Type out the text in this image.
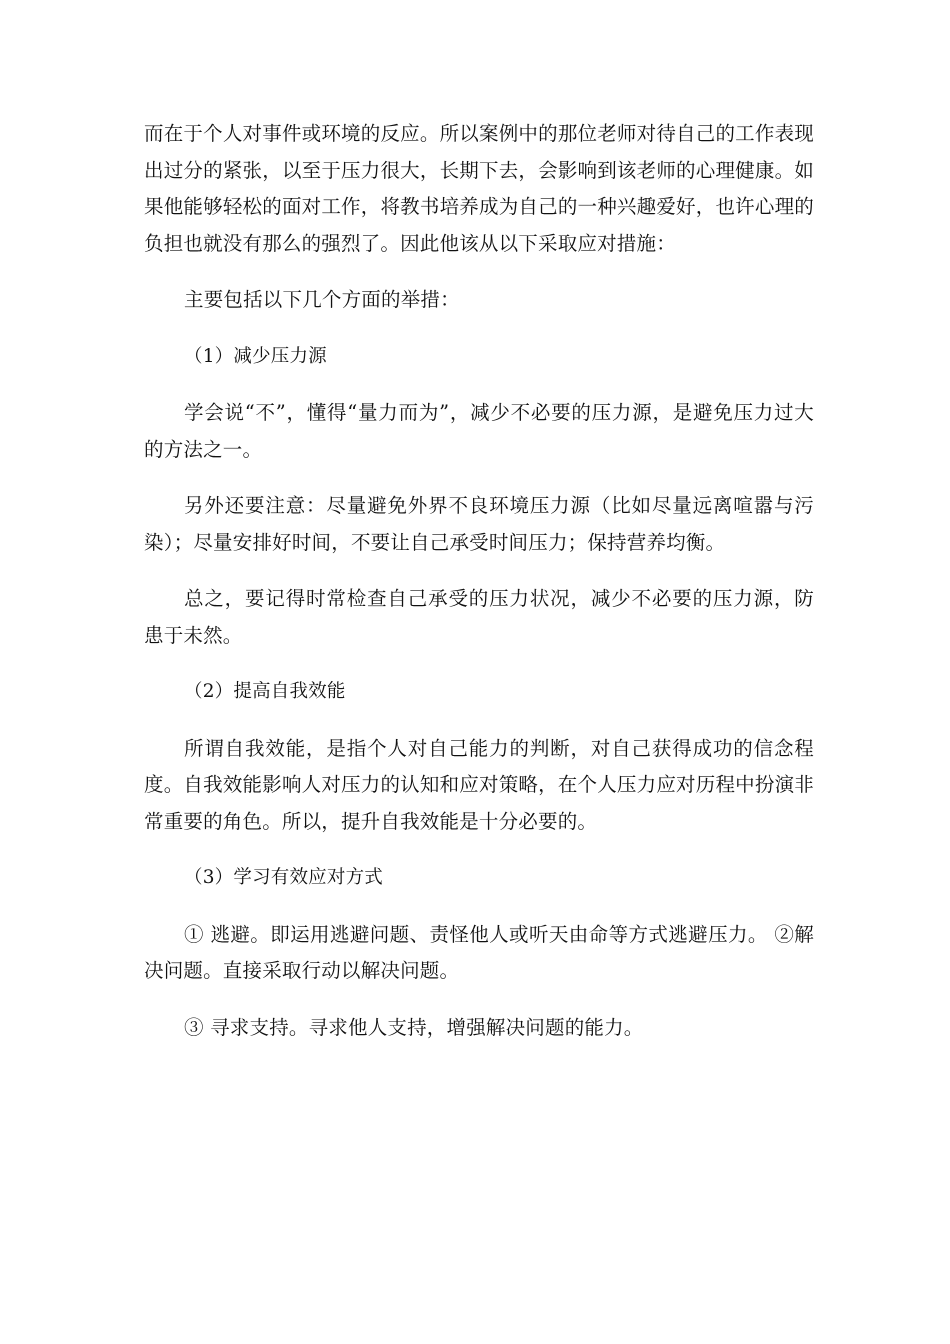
而在于个人对事件或环境的反应。所以案例中的那位老师对待自己的工作表现出过分的紧张，以至于压力很大，长期下去，会影响到该老师的心理健康。如果他能够轻松的面对工作，将教书培养成为自己的一种兴趣爱好，也许心理的负担也就没有那么的强烈了。因此他该从以下采取应对措施：

主要包括以下几个方面的举措：

（1）减少压力源

学会说“不”，懂得“量力而为”，减少不必要的压力源，是避免压力过大的方法之一。

另外还要注意：尽量避免外界不良环境压力源（比如尽量远离喧嚣与污染）；尽量安排好时间，不要让自己承受时间压力；保持营养均衡。

总之，要记得时常检查自己承受的压力状况，减少不必要的压力源，防患于未然。

（2）提高自我效能

所谓自我效能，是指个人对自己能力的判断，对自己获得成功的信念程度。自我效能影响人对压力的认知和应对策略，在个人压力应对历程中扮演非常重要的角色。所以，提升自我效能是十分必要的。

（3）学习有效应对方式

① 逃避。即运用逃避问题、责怪他人或听天由命等方式逃避压力。 ②解决问题。直接采取行动以解决问题。

③ 寻求支持。寻求他人支持，增强解决问题的能力。
